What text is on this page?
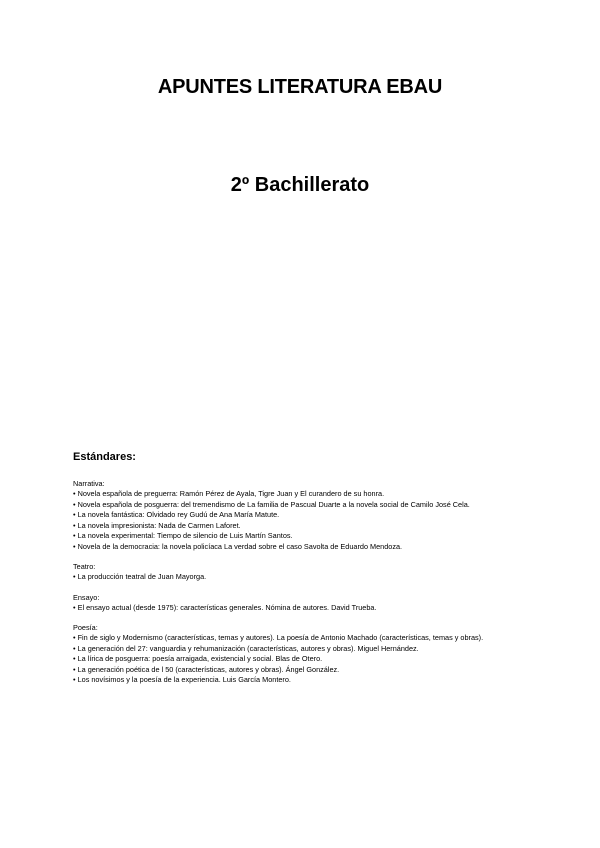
APUNTES LITERATURA EBAU
2º Bachillerato
Estándares:
Narrativa:
• Novela española de preguerra: Ramón Pérez de Ayala, Tigre Juan y El curandero de su honra.
• Novela española de posguerra: del tremendismo de La familia de Pascual Duarte a la novela social de Camilo José Cela.
• La novela fantástica: Olvidado rey Gudú de Ana María Matute.
• La novela impresionista: Nada de Carmen Laforet.
• La novela experimental: Tiempo de silencio de Luis Martín Santos.
• Novela de la democracia: la novela policíaca La verdad sobre el caso Savolta de Eduardo Mendoza.
Teatro:
• La producción teatral de Juan Mayorga.
Ensayo:
• El ensayo actual (desde 1975): características generales. Nómina de autores. David Trueba.
Poesía:
• Fin de siglo y Modernismo (características, temas y autores). La poesía de Antonio Machado (características, temas y obras).
• La generación del 27: vanguardia y rehumanización (características, autores y obras). Miguel Hernández.
• La lírica de posguerra: poesía arraigada, existencial y social. Blas de Otero.
• La generación poética de l 50 (características, autores y obras). Ángel González.
• Los novísimos y la poesía de la experiencia. Luis García Montero.
